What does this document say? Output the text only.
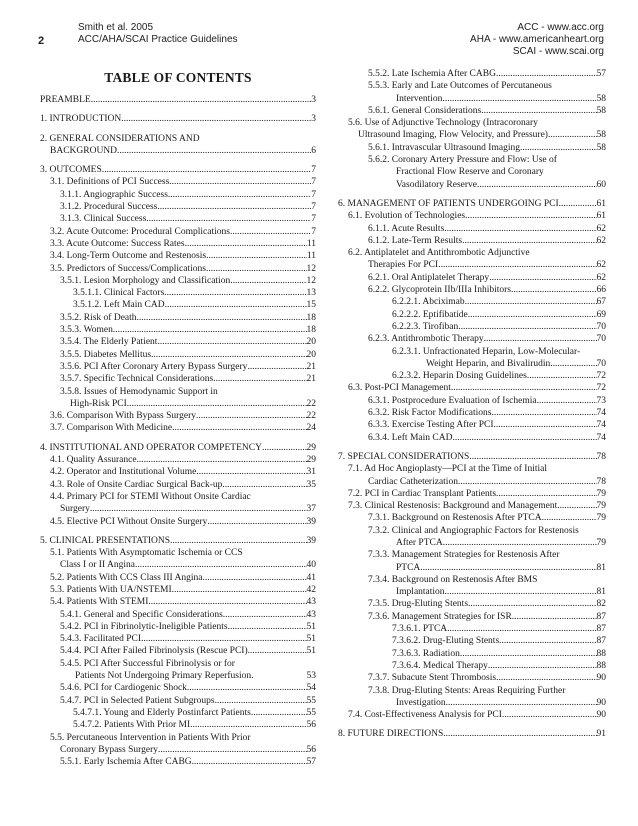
2
Smith et al. 2005
ACC/AHA/SCAI Practice Guidelines
ACC - www.acc.org
AHA - www.americanheart.org
SCAI - www.scai.org
TABLE OF CONTENTS
PREAMBLE .....	3
1. INTRODUCTION .....	3
2. GENERAL CONSIDERATIONS AND
BACKGROUND .....	6
3. OUTCOMES .....	7
3.1. Definitions of PCI Success .....	7
3.1.1. Angiographic Success .....	7
3.1.2. Procedural Success .....	7
3.1.3. Clinical Success .....	7
3.2. Acute Outcome: Procedural Complications .....	7
3.3. Acute Outcome: Success Rates .....	11
3.4. Long-Term Outcome and Restenosis .....	11
3.5. Predictors of Success/Complications .....	12
3.5.1. Lesion Morphology and Classification .....	12
3.5.1.1. Clinical Factors .....	13
3.5.1.2. Left Main CAD .....	15
3.5.2. Risk of Death .....	18
3.5.3. Women .....	18
3.5.4. The Elderly Patient .....	20
3.5.5. Diabetes Mellitus .....	20
3.5.6. PCI After Coronary Artery Bypass Surgery .....	21
3.5.7. Specific Technical Considerations .....	21
3.5.8. Issues of Hemodynamic Support in
High-Risk PCI .....	22
3.6. Comparison With Bypass Surgery .....	22
3.7. Comparison With Medicine .....	24
4. INSTITUTIONAL AND OPERATOR COMPETENCY .....	29
4.1. Quality Assurance .....	29
4.2. Operator and Institutional Volume .....	31
4.3. Role of Onsite Cardiac Surgical Back-up .....	35
4.4. Primary PCI for STEMI Without Onsite Cardiac
Surgery .....	37
4.5. Elective PCI Without Onsite Surgery .....	39
5. CLINICAL PRESENTATIONS .....	39
5.1. Patients With Asymptomatic Ischemia or CCS
Class I or II Angina .....	40
5.2. Patients With CCS Class III Angina .....	41
5.3. Patients With UA/NSTEMI .....	42
5.4. Patients With STEMI .....	43
5.4.1. General and Specific Considerations .....	43
5.4.2. PCI in Fibrinolytic-Ineligible Patients .....	51
5.4.3. Facilitated PCI .....	51
5.4.4. PCI After Failed Fibrinolysis (Rescue PCI) .....	51
5.4.5. PCI After Successful Fibrinolysis or for
Patients Not Undergoing Primary Reperfusion.	53
5.4.6. PCI for Cardiogenic Shock .....	54
5.4.7. PCI in Selected Patient Subgroups .....	55
5.4.7.1. Young and Elderly Postinfarct Patients .....	55
5.4.7.2. Patients With Prior MI .....	56
5.5. Percutaneous Intervention in Patients With Prior
Coronary Bypass Surgery .....	56
5.5.1. Early Ischemia After CABG .....	57
5.5.2. Late Ischemia After CABG .....	57
5.5.3. Early and Late Outcomes of Percutaneous
Intervention .....	58
5.6.1. General Considerations .....	58
5.6. Use of Adjunctive Technology (Intracoronary
Ultrasound Imaging, Flow Velocity, and Pressure) .....	58
5.6.1. Intravascular Ultrasound Imaging .....	58
5.6.2. Coronary Artery Pressure and Flow: Use of
Fractional Flow Reserve and Coronary
Vasodilatory Reserve .....	60
6. MANAGEMENT OF PATIENTS UNDERGOING PCI .....	61
6.1. Evolution of Technologies .....	61
6.1.1. Acute Results .....	62
6.1.2. Late-Term Results .....	62
6.2. Antiplatelet and Antithrombotic Adjunctive
Therapies For PCI .....	62
6.2.1. Oral Antiplatelet Therapy .....	62
6.2.2. Glycoprotein IIb/IIIa Inhibitors .....	66
6.2.2.1. Abciximab .....	67
6.2.2.2. Eptifibatide .....	69
6.2.2.3. Tirofiban .....	70
6.2.3. Antithrombotic Therapy .....	70
6.2.3.1. Unfractionated Heparin, Low-Molecular-
Weight Heparin, and Bivalirudin .....	70
6.2.3.2. Heparin Dosing Guidelines .....	72
6.3. Post-PCI Management .....	72
6.3.1. Postprocedure Evaluation of Ischemia .....	73
6.3.2. Risk Factor Modifications .....	74
6.3.3. Exercise Testing After PCI .....	74
6.3.4. Left Main CAD .....	74
7. SPECIAL CONSIDERATIONS .....	78
7.1. Ad Hoc Angioplasty—PCI at the Time of Initial
Cardiac Catheterization .....	78
7.2. PCI in Cardiac Transplant Patients .....	79
7.3. Clinical Restenosis: Background and Management .....	79
7.3.1. Background on Restenosis After PTCA .....	79
7.3.2. Clinical and Angiographic Factors for Restenosis
After PTCA .....	79
7.3.3. Management Strategies for Restenosis After
PTCA .....	81
7.3.4. Background on Restenosis After BMS
Implantation .....	81
7.3.5. Drug-Eluting Stents .....	82
7.3.6. Management Strategies for ISR .....	87
7.3.6.1. PTCA .....	87
7.3.6.2. Drug-Eluting Stents .....	87
7.3.6.3. Radiation .....	88
7.3.6.4. Medical Therapy .....	88
7.3.7. Subacute Stent Thrombosis .....	90
7.3.8. Drug-Eluting Stents: Areas Requiring Further
Investigation .....	90
7.4. Cost-Effectiveness Analysis for PCI .....	90
8. FUTURE DIRECTIONS .....	91
